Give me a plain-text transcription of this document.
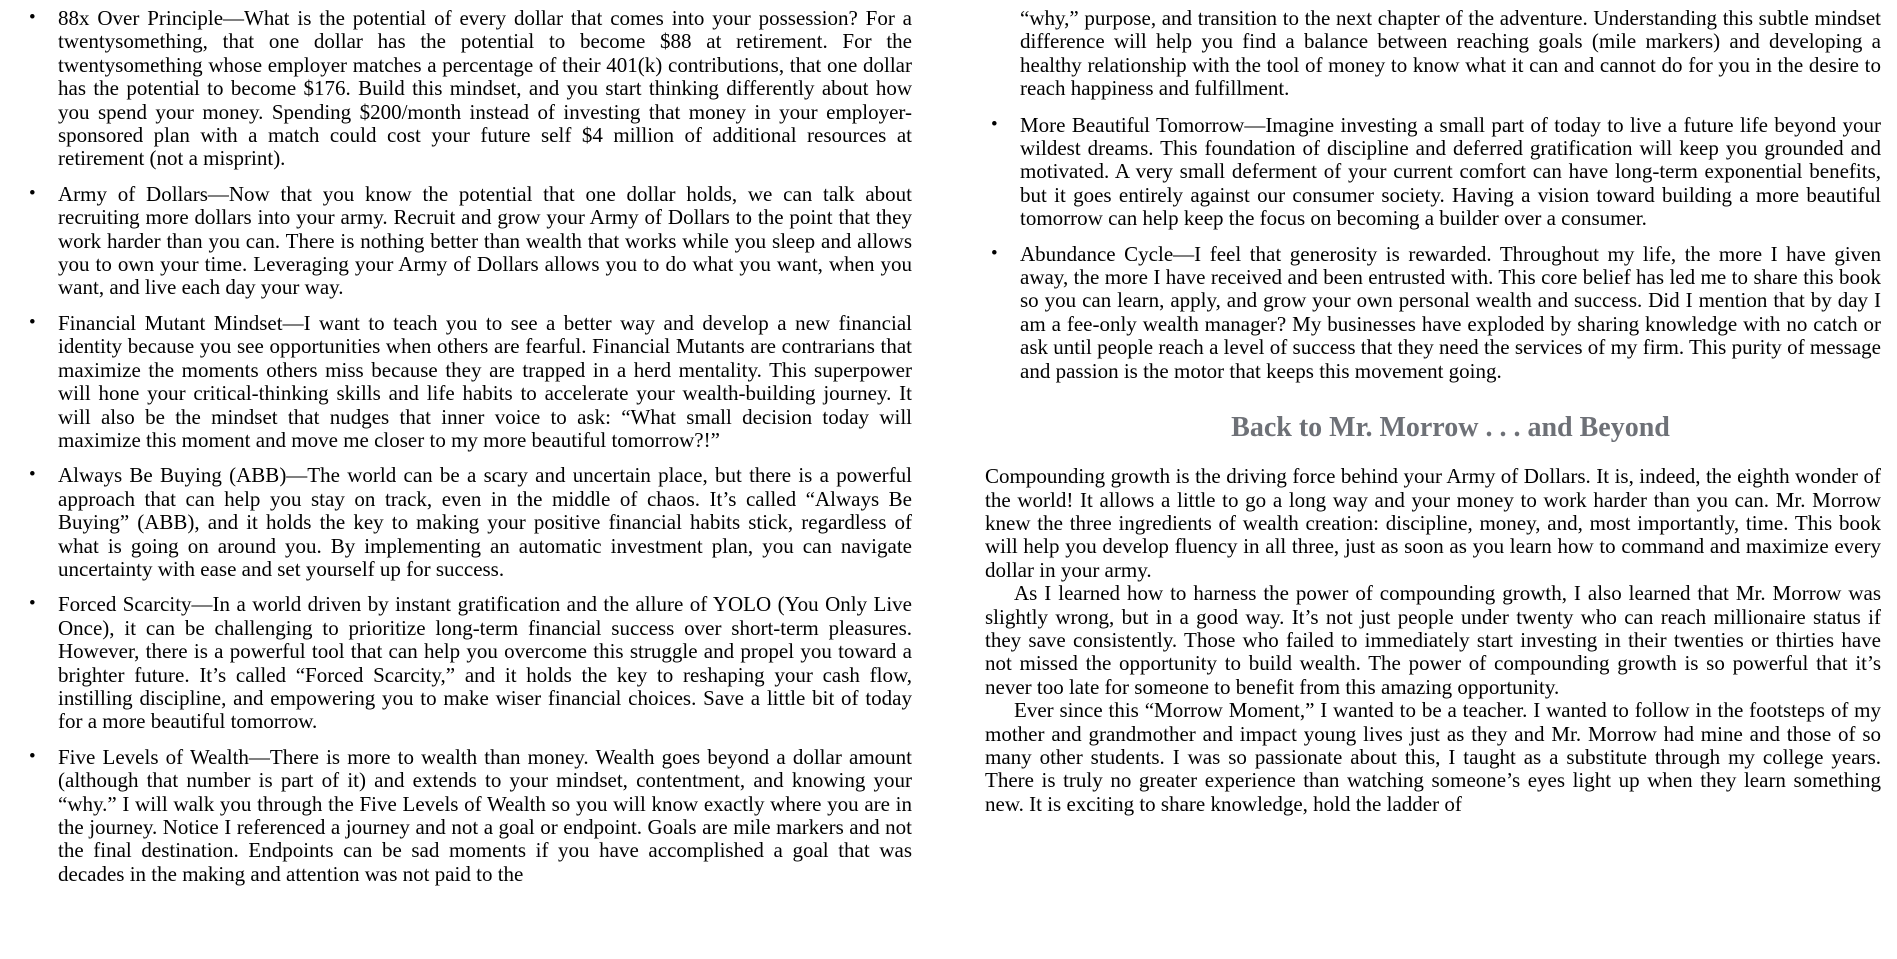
• 88x Over Principle—What is the potential of every dollar that comes into your possession? For a twentysomething, that one dollar has the potential to become $88 at retirement. For the twentysomething whose employer matches a percentage of their 401(k) contributions, that one dollar has the potential to become $176. Build this mindset, and you start thinking differently about how you spend your money. Spending $200/month instead of investing that money in your employer-sponsored plan with a match could cost your future self $4 million of additional resources at retirement (not a misprint).
• Army of Dollars—Now that you know the potential that one dollar holds, we can talk about recruiting more dollars into your army. Recruit and grow your Army of Dollars to the point that they work harder than you can. There is nothing better than wealth that works while you sleep and allows you to own your time. Leveraging your Army of Dollars allows you to do what you want, when you want, and live each day your way.
• Financial Mutant Mindset—I want to teach you to see a better way and develop a new financial identity because you see opportunities when others are fearful. Financial Mutants are contrarians that maximize the moments others miss because they are trapped in a herd mentality. This superpower will hone your critical-thinking skills and life habits to accelerate your wealth-building journey. It will also be the mindset that nudges that inner voice to ask: “What small decision today will maximize this moment and move me closer to my more beautiful tomorrow?!”
• Always Be Buying (ABB)—The world can be a scary and uncertain place, but there is a powerful approach that can help you stay on track, even in the middle of chaos. It’s called “Always Be Buying” (ABB), and it holds the key to making your positive financial habits stick, regardless of what is going on around you. By implementing an automatic investment plan, you can navigate uncertainty with ease and set yourself up for success.
• Forced Scarcity—In a world driven by instant gratification and the allure of YOLO (You Only Live Once), it can be challenging to prioritize long-term financial success over short-term pleasures. However, there is a powerful tool that can help you overcome this struggle and propel you toward a brighter future. It’s called “Forced Scarcity,” and it holds the key to reshaping your cash flow, instilling discipline, and empowering you to make wiser financial choices. Save a little bit of today for a more beautiful tomorrow.
• Five Levels of Wealth—There is more to wealth than money. Wealth goes beyond a dollar amount (although that number is part of it) and extends to your mindset, contentment, and knowing your “why.” I will walk you through the Five Levels of Wealth so you will know exactly where you are in the journey. Notice I referenced a journey and not a goal or endpoint. Goals are mile markers and not the final destination. Endpoints can be sad moments if you have accomplished a goal that was decades in the making and attention was not paid to the
“why,” purpose, and transition to the next chapter of the adventure. Understanding this subtle mindset difference will help you find a balance between reaching goals (mile markers) and developing a healthy relationship with the tool of money to know what it can and cannot do for you in the desire to reach happiness and fulfillment.
• More Beautiful Tomorrow—Imagine investing a small part of today to live a future life beyond your wildest dreams. This foundation of discipline and deferred gratification will keep you grounded and motivated. A very small deferment of your current comfort can have long-term exponential benefits, but it goes entirely against our consumer society. Having a vision toward building a more beautiful tomorrow can help keep the focus on becoming a builder over a consumer.
• Abundance Cycle—I feel that generosity is rewarded. Throughout my life, the more I have given away, the more I have received and been entrusted with. This core belief has led me to share this book so you can learn, apply, and grow your own personal wealth and success. Did I mention that by day I am a fee-only wealth manager? My businesses have exploded by sharing knowledge with no catch or ask until people reach a level of success that they need the services of my firm. This purity of message and passion is the motor that keeps this movement going.
Back to Mr. Morrow . . . and Beyond

Compounding growth is the driving force behind your Army of Dollars. It is, indeed, the eighth wonder of the world! It allows a little to go a long way and your money to work harder than you can. Mr. Morrow knew the three ingredients of wealth creation: discipline, money, and, most importantly, time. This book will help you develop fluency in all three, just as soon as you learn how to command and maximize every dollar in your army.

As I learned how to harness the power of compounding growth, I also learned that Mr. Morrow was slightly wrong, but in a good way. It’s not just people under twenty who can reach millionaire status if they save consistently. Those who failed to immediately start investing in their twenties or thirties have not missed the opportunity to build wealth. The power of compounding growth is so powerful that it’s never too late for someone to benefit from this amazing opportunity.

Ever since this “Morrow Moment,” I wanted to be a teacher. I wanted to follow in the footsteps of my mother and grandmother and impact young lives just as they and Mr. Morrow had mine and those of so many other students. I was so passionate about this, I taught as a substitute through my college years. There is truly no greater experience than watching someone’s eyes light up when they learn something new. It is exciting to share knowledge, hold the ladder of
